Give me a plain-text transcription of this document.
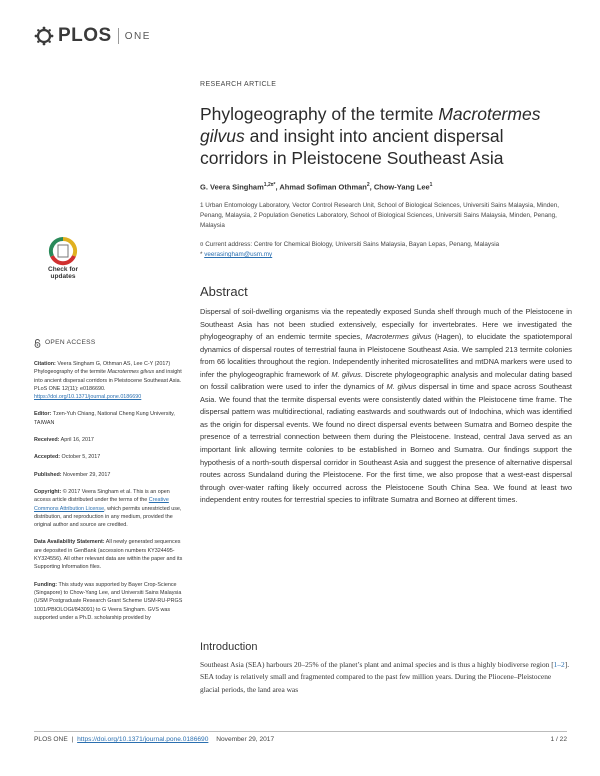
PLOS ONE
RESEARCH ARTICLE
Phylogeography of the termite Macrotermes gilvus and insight into ancient dispersal corridors in Pleistocene Southeast Asia
G. Veera Singham$^{1,2¤*}$, Ahmad Sofiman Othman$^2$, Chow-Yang Lee$^1$
1 Urban Entomology Laboratory, Vector Control Research Unit, School of Biological Sciences, Universiti Sains Malaysia, Minden, Penang, Malaysia, 2 Population Genetics Laboratory, School of Biological Sciences, Universiti Sains Malaysia, Minden, Penang, Malaysia
¤ Current address: Centre for Chemical Biology, Universiti Sains Malaysia, Bayan Lepas, Penang, Malaysia
* veerasingham@usm.my
Check for
updates
Abstract
Dispersal of soil-dwelling organisms via the repeatedly exposed Sunda shelf through much of the Pleistocene in Southeast Asia has not been studied extensively, especially for invertebrates. Here we investigated the phylogeography of an endemic termite species, Macrotermes gilvus (Hagen), to elucidate the spatiotemporal dynamics of dispersal routes of terrestrial fauna in Pleistocene Southeast Asia. We sampled 213 termite colonies from 66 localities throughout the region. Independently inherited microsatellites and mtDNA markers were used to infer the phylogeographic framework of M. gilvus. Discrete phylogeographic analysis and molecular dating based on fossil calibration were used to infer the dynamics of M. gilvus dispersal in time and space across Southeast Asia. We found that the termite dispersal events were consistently dated within the Pleistocene time frame. The dispersal pattern was multidirectional, radiating eastwards and southwards out of Indochina, which was identified as the origin for dispersal events. We found no direct dispersal events between Sumatra and Borneo despite the presence of a terrestrial connection between them during the Pleistocene. Instead, central Java served as an important link allowing termite colonies to be established in Borneo and Sumatra. Our findings support the hypothesis of a north-south dispersal corridor in Southeast Asia and suggest the presence of alternative dispersal routes across Sundaland during the Pleistocene. For the first time, we also propose that a west-east dispersal through over-water rafting likely occurred across the Pleistocene South China Sea. We found at least two independent entry routes for terrestrial species to infiltrate Sumatra and Borneo at different times.
OPEN ACCESS
Citation: Veera Singham G, Othman AS, Lee C-Y (2017) Phylogeography of the termite Macrotermes gilvus and insight into ancient dispersal corridors in Pleistocene Southeast Asia. PLoS ONE 12(11): e0186690. https://doi.org/10.1371/journal.pone.0186690
Editor: Tzen-Yuh Chiang, National Cheng Kung University, TAIWAN
Received: April 16, 2017
Accepted: October 5, 2017
Published: November 29, 2017
Copyright: © 2017 Veera Singham et al. This is an open access article distributed under the terms of the Creative Commons Attribution License, which permits unrestricted use, distribution, and reproduction in any medium, provided the original author and source are credited.
Data Availability Statement: All newly generated sequences are deposited in GenBank (accession numbers KY324495-KY324556). All other relevant data are within the paper and its Supporting Information files.
Funding: This study was supported by Bayer Crop-Science (Singapore) to Chow-Yang Lee, and Universiti Sains Malaysia (USM Postgraduate Research Grant Scheme USM-RU-PRGS 1001/PBIOLOGI/843091) to G Veera Singham. GVS was supported under a Ph.D. scholarship provided by
Introduction
Southeast Asia (SEA) harbours 20–25% of the planet’s plant and animal species and is thus a highly biodiverse region [1–2]. SEA today is relatively small and fragmented compared to the past few million years. During the Pliocene–Pleistocene glacial periods, the land area was
PLOS ONE | https://doi.org/10.1371/journal.pone.0186690 November 29, 2017	1 / 22
